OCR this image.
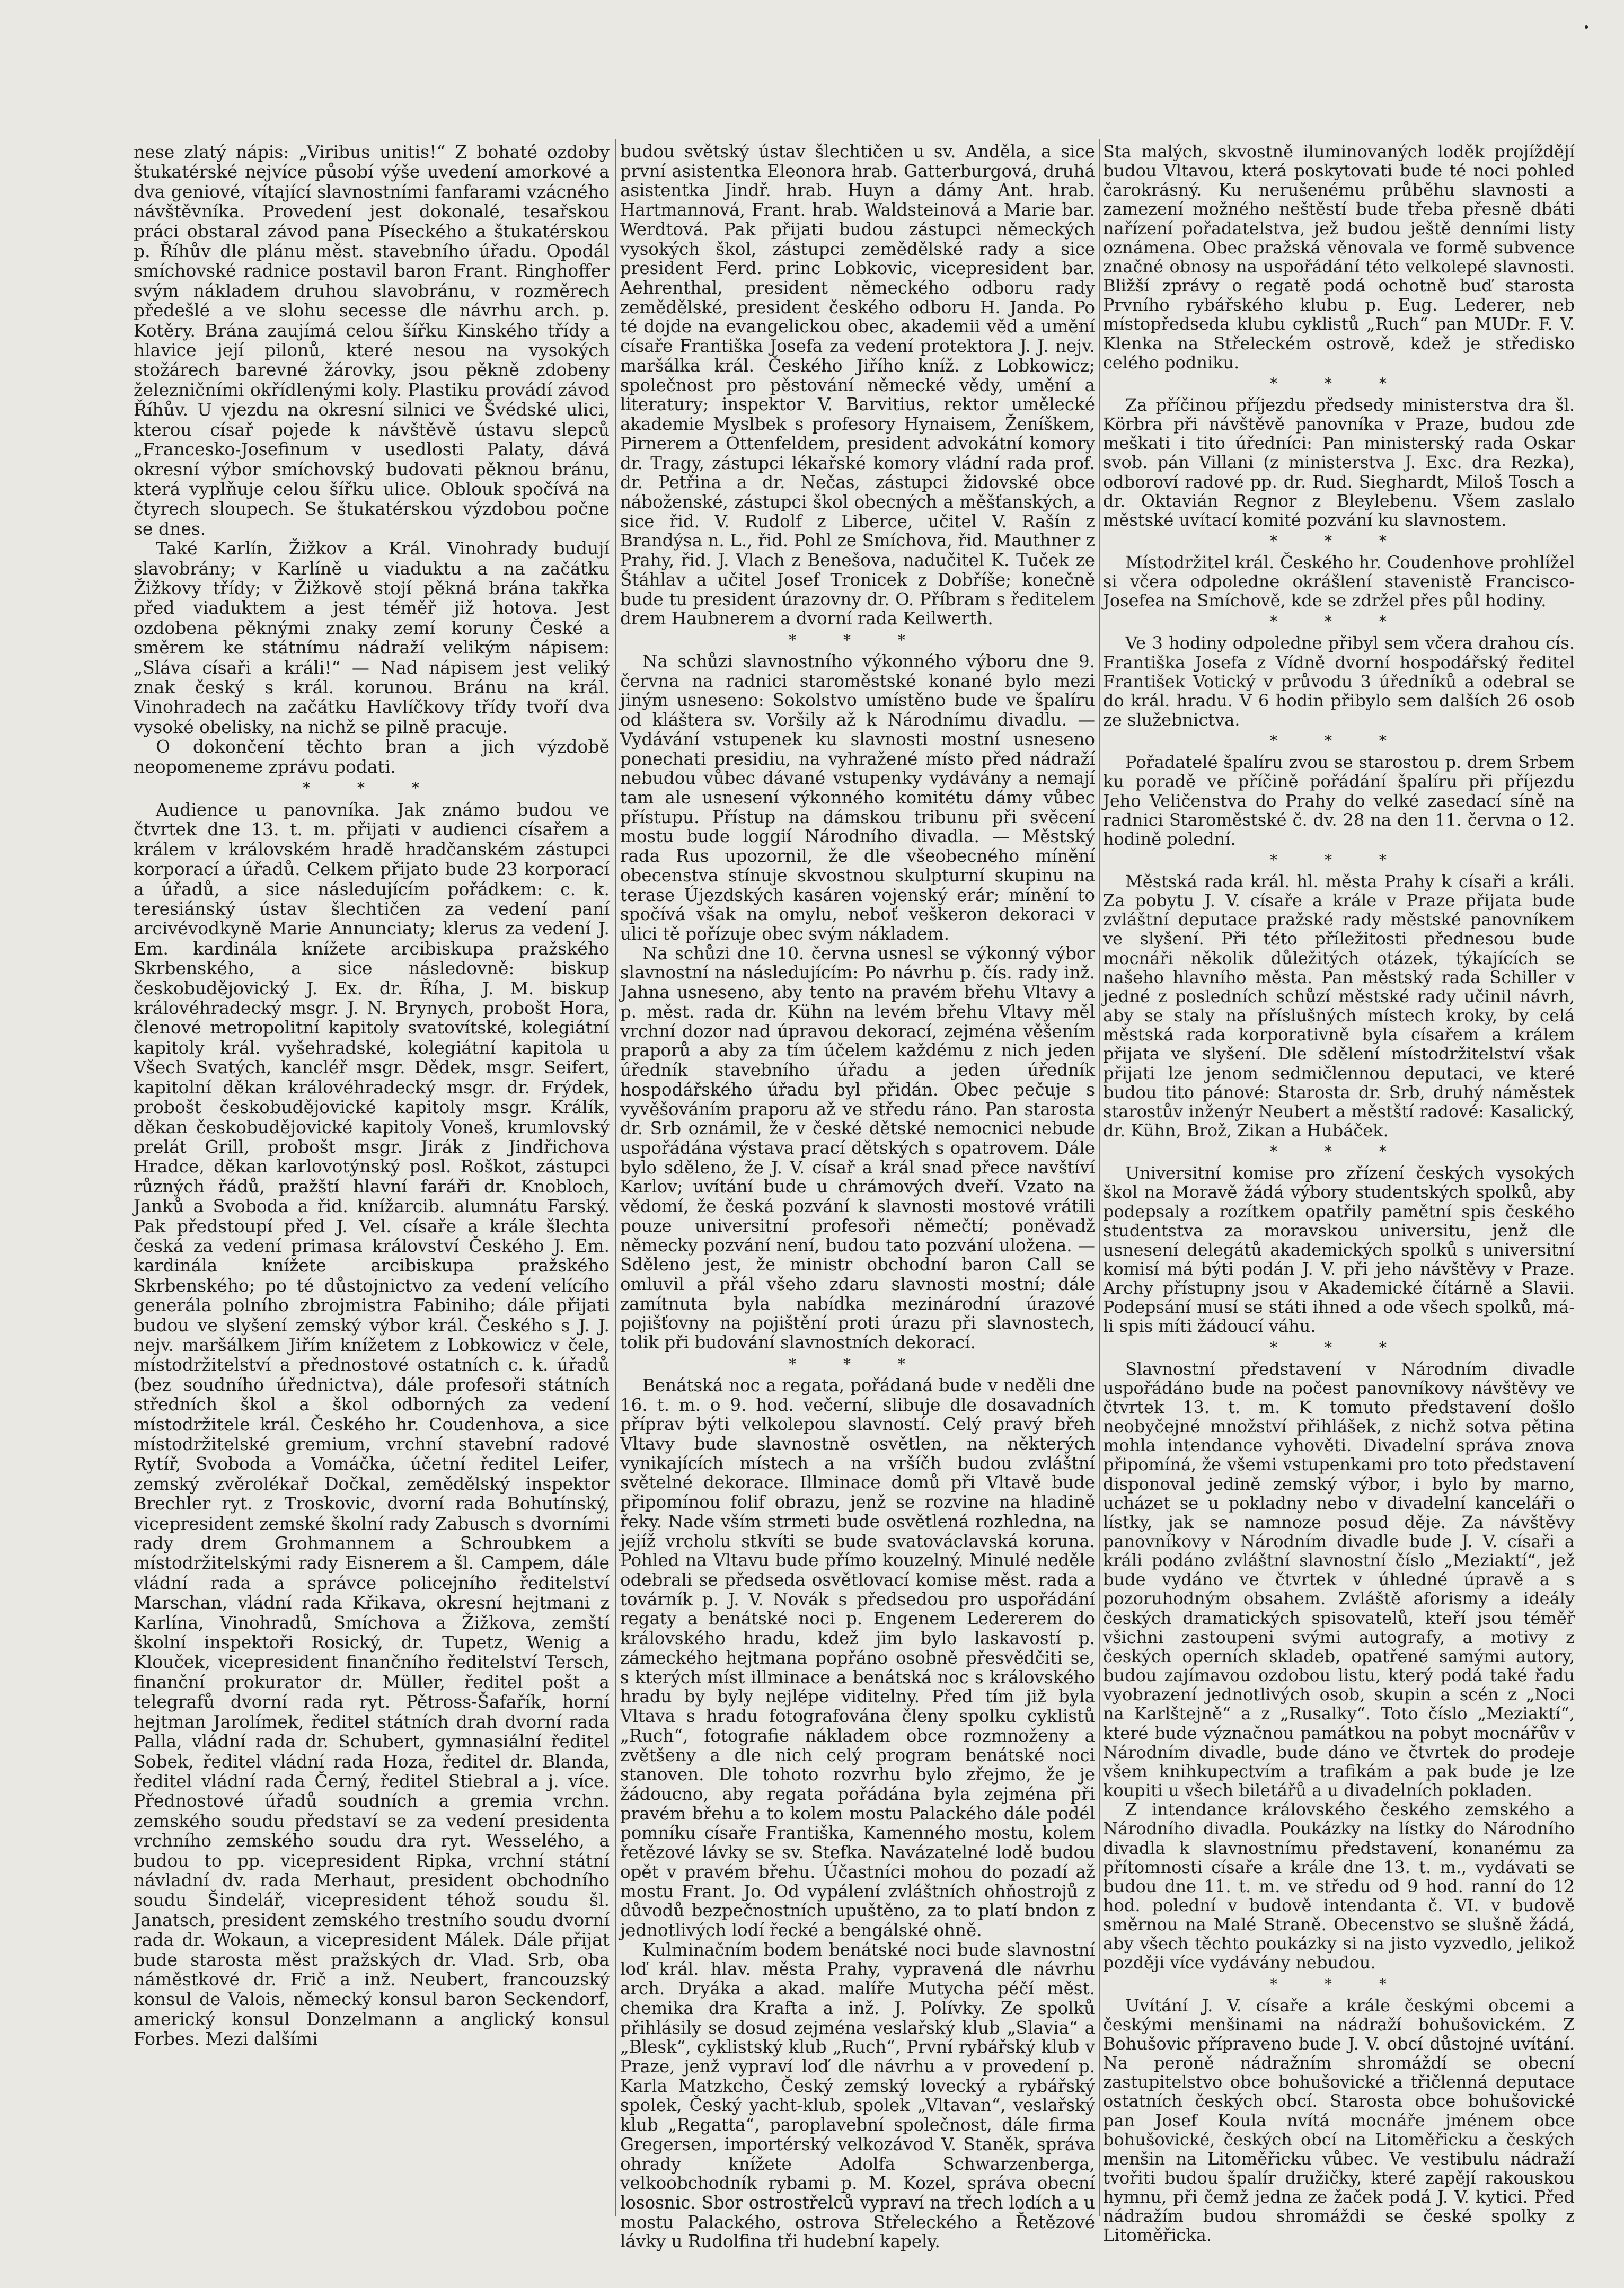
nese zlatý nápis: „Viribus unitis!“ Z bohaté ozdoby štukatérské nejvíce působí výše uvedení amorkové a dva geniové, vítající slavnostními fanfarami vzácného návštěvníka. Provedení jest dokonalé, tesařskou práci obstaral závod pana Píseckého a štukatérskou p. Říhův dle plánu měst. stavebního úřadu. Opodál smíchovské radnice postavil baron Frant. Ringhoffer svým nákladem druhou slavobránu, v rozměrech předešlé a ve slohu secesse dle návrhu arch. p. Kotěry. Brána zaujímá celou šířku Kinského třídy a hlavice její pilonů, které nesou na vysokých stožárech barevné žárovky, jsou pěkně zdobeny železničními okřídlenými koly. Plastiku provádí závod Říhův. U vjezdu na okresní silnici ve Švédské ulici, kterou císař pojede k návštěvě ústavu slepců „Francesko-Josefinum v usedlosti Palaty, dává okresní výbor smíchovský budovati pěknou bránu, která vyplňuje celou šířku ulice. Oblouk spočívá na čtyrech sloupech. Se štukatérskou výzdobou počne se dnes.

Také Karlín, Žižkov a Král. Vinohrady budují slavobrány; v Karlíně u viaduktu a na začátku Žižkovy třídy; v Žižkově stojí pěkná brána takřka před viaduktem a jest téměř již hotova. Jest ozdobena pěknými znaky zemí koruny České a směrem ke státnímu nádraží velikým nápisem: „Sláva císaři a králi!“ — Nad nápisem jest veliký znak český s král. korunou. Bránu na král. Vinohradech na začátku Havlíčkovy třídy tvoří dva vysoké obelisky, na nichž se pilně pracuje.

O dokončení těchto bran a jich výzdobě neopomeneme zprávu podati.

* * *

Audience u panovníka. Jak známo budou ve čtvrtek dne 13. t. m. přijati v audienci císařem a králem v královském hradě hradčanském zástupci korporací a úřadů. Celkem přijato bude 23 korporací a úřadů, a sice následujícím pořádkem: c. k. teresiánský ústav šlechtičen za vedení paní arcivévodkyně Marie Annunciaty; klerus za vedení J. Em. kardinála knížete arcibiskupa pražského Skrbenského, a sice následovně: biskup českobudějovický J. Ex. dr. Říha, J. M. biskup královéhradecký msgr. J. N. Brynych, probošt Hora, členové metropolitní kapitoly svatovítské, kolegiátní kapitoly král. vyšehradské, kolegiátní kapitola u Všech Svatých, kancléř msgr. Dědek, msgr. Seifert, kapitolní děkan královéhradecký msgr. dr. Frýdek, probošt českobudějovické kapitoly msgr. Králík, děkan českobudějovické kapitoly Voneš, krumlovský prelát Grill, probošt msgr. Jirák z Jindřichova Hradce, děkan karlovotýnský posl. Roškot, zástupci různých řádů, pražští hlavní faráři dr. Knobloch, Janků a Svoboda a řid. knížarcib. alumnátu Farský. Pak předstoupí před J. Vel. císaře a krále šlechta česká za vedení primasa království Českého J. Em. kardinála knížete arcibiskupa pražského Skrbenského; po té důstojnictvo za vedení velícího generála polního zbrojmistra Fabiniho; dále přijati budou ve slyšení zemský výbor král. Českého s J. J. nejv. maršálkem Jiřím knížetem z Lobkowicz v čele, místodržitelství a přednostové ostatních c. k. úřadů (bez soudního úřednictva), dále profesoři státních středních škol a škol odborných za vedení místodržitele král. Českého hr. Coudenhova, a sice místodržitelské gremium, vrchní stavební radové Rytíř, Svoboda a Vomáčka, účetní ředitel Leifer, zemský zvěrolékař Dočkal, zemědělský inspektor Brechler ryt. z Troskovic, dvorní rada Bohutínský, vicepresident zemské školní rady Zabusch s dvorními rady drem Grohmannem a Schroubkem a místodržitelskými rady Eisnerem a šl. Campem, dále vládní rada a správce policejního ředitelství Marschan, vládní rada Křikava, okresní hejtmani z Karlína, Vinohradů, Smíchova a Žižkova, zemští školní inspektoři Rosický, dr. Tupetz, Wenig a Klouček, vicepresident finančního ředitelství Tersch, finanční prokurator dr. Müller, ředitel pošt a telegrafů dvorní rada ryt. Pětross-Šafařík, horní hejtman Jarolímek, ředitel státních drah dvorní rada Palla, vládní rada dr. Schubert, gymnasiální ředitel Sobek, ředitel vládní rada Hoza, ředitel dr. Blanda, ředitel vládní rada Černý, ředitel Stiebral a j. více. Přednostové úřadů soudních a gremia vrchn. zemského soudu představí se za vedení presidenta vrchního zemského soudu dra ryt. Wesselého, a budou to pp. vicepresident Ripka, vrchní státní návladní dv. rada Merhaut, president obchodního soudu Šindelář, vicepresident téhož soudu šl. Janatsch, president zemského trestního soudu dvorní rada dr. Wokaun, a vicepresident Málek. Dále přijat bude starosta měst pražských dr. Vlad. Srb, oba náměstkové dr. Frič a inž. Neubert, francouzský konsul de Valois, německý konsul baron Seckendorf, americký konsul Donzelmann a anglický konsul Forbes. Mezi dalšími

budou světský ústav šlechtičen u sv. Anděla, a sice první asistentka Eleonora hrab. Gatterburgová, druhá asistentka Jindř. hrab. Huyn a dámy Ant. hrab. Hartmannová, Frant. hrab. Waldsteinová a Marie bar. Werdtová. Pak přijati budou zástupci německých vysokých škol, zástupci zemědělské rady a sice president Ferd. princ Lobkovic, vicepresident bar. Aehrenthal, president německého odboru rady zemědělské, president českého odboru H. Janda. Po té dojde na evangelickou obec, akademii věd a umění císaře Františka Josefa za vedení protektora J. J. nejv. maršálka král. Českého Jiřího kníž. z Lobkowicz; společnost pro pěstování německé vědy, umění a literatury; inspektor V. Barvitius, rektor umělecké akademie Myslbek s profesory Hynaisem, Ženíškem, Pirnerem a Ottenfeldem, president advokátní komory dr. Tragy, zástupci lékařské komory vládní rada prof. dr. Petřina a dr. Nečas, zástupci židovské obce náboženské, zástupci škol obecných a měšťanských, a sice řid. V. Rudolf z Liberce, učitel V. Rašín z Brandýsa n. L., řid. Pohl ze Smíchova, řid. Mauthner z Prahy, řid. J. Vlach z Benešova, nadučitel K. Tuček ze Štáhlav a učitel Josef Tronicek z Dobříše; konečně bude tu president úrazovny dr. O. Příbram s ředitelem drem Haubnerem a dvorní rada Keilwerth.

* * *

Na schůzi slavnostního výkonného výboru dne 9. června na radnici staroměstské konané bylo mezi jiným usneseno: Sokolstvo umístěno bude ve špalíru od kláštera sv. Voršily až k Národnímu divadlu. — Vydávání vstupenek ku slavnosti mostní usneseno ponechati presidiu, na vyhražené místo před nádraží nebudou vůbec dávané vstupenky vydávány a nemají tam ale usnesení výkonného komitétu dámy vůbec přístupu. Přístup na dámskou tribunu při svěcení mostu bude loggií Národního divadla. — Městský rada Rus upozornil, že dle všeobecného mínění obecenstva stínuje skvostnou skulpturní skupinu na terase Újezdských kasáren vojenský erár; mínění to spočívá však na omylu, neboť veškeron dekoraci v ulici tě pořízuje obec svým nákladem.

Na schůzi dne 10. června usnesl se výkonný výbor slavnostní na následujícím: Po návrhu p. čís. rady inž. Jahna usneseno, aby tento na pravém břehu Vltavy a p. měst. rada dr. Kühn na levém břehu Vltavy měl vrchní dozor nad úpravou dekorací, zejména věšením praporů a aby za tím účelem každému z nich jeden úředník stavebního úřadu a jeden úředník hospodářského úřadu byl přidán. Obec pečuje s vyvěšováním praporu až ve středu ráno. Pan starosta dr. Srb oznámil, že v české dětské nemocnici nebude uspořádána výstava prací dětských s opatrovem. Dále bylo sděleno, že J. V. císař a král snad přece navštíví Karlov; uvítání bude u chrámových dveří. Vzato na vědomí, že česká pozvání k slavnosti mostové vrátili pouze universitní profesoři němečtí; poněvadž německy pozvání není, budou tato pozvání uložena. — Sděleno jest, že ministr obchodní baron Call se omluvil a přál všeho zdaru slavnosti mostní; dále zamítnuta byla nabídka mezinárodní úrazové pojišťovny na pojištění proti úrazu při slavnostech, tolik při budování slavnostních dekorací.

* * *

Benátská noc a regata, pořádaná bude v neděli dne 16. t. m. o 9. hod. večerní, slibuje dle dosavadních příprav býti velkolepou slavností. Celý pravý břeh Vltavy bude slavnostně osvětlen, na některých vynikajících místech a na vršíčh budou zvláštní světelné dekorace. Illminace domů při Vltavě bude připomínou folif obrazu, jenž se rozvine na hladině řeky. Nade vším strmeti bude osvětlená rozhledna, na jejíž vrcholu stkvíti se bude svatováclavská koruna. Pohled na Vltavu bude přímo kouzelný. Minulé neděle odebrali se předseda osvětlovací komise měst. rada a továrník p. J. V. Novák s předsedou pro uspořádání regaty a benátské noci p. Engenem Ledererem do královského hradu, kdež jim bylo laskavostí p. zámeckého hejtmana popřáno osobně přesvědčiti se, s kterých míst illminace a benátská noc s královského hradu by byly nejlépe viditelny. Před tím již byla Vltava s hradu fotografována členy spolku cyklistů „Ruch“, fotografie nákladem obce rozmnoženy a zvětšeny a dle nich celý program benátské noci stanoven. Dle tohoto rozvrhu bylo zřejmo, že je žádoucno, aby regata pořádána byla zejména při pravém břehu a to kolem mostu Palackého dále podél pomníku císaře Františka, Kamenného mostu, kolem řetězové lávky se sv. Stefka. Navázatelné lodě budou opět v pravém břehu. Účastníci mohou do pozadí až mostu Frant. Jo. Od vypálení zvláštních ohňostrojů z důvodů bezpečnostních upuštěno, za to platí bndon z jednotlivých lodí řecké a bengálské ohně.

Kulminačním bodem benátské noci bude slavnostní loď král. hlav. města Prahy, vypravená dle návrhu arch. Dryáka a akad. malíře Mutycha péčí měst. chemika dra Krafta a inž. J. Polívky. Ze spolků přihlásily se dosud zejména veslařský klub „Slavia“ a „Blesk“, cyklistský klub „Ruch“, První rybářský klub v Praze, jenž vypraví loď dle návrhu a v provedení p. Karla Matzkcho, Český zemský lovecký a rybářský spolek, Český yacht-klub, spolek „Vltavan“, veslařský klub „Regatta“, paroplavební společnost, dále firma Gregersen, importérský velkozávod V. Staněk, správa ohrady knížete Adolfa Schwarzenberga, velkoobchodník rybami p. M. Kozel, správa obecní lososnic. Sbor ostrostřelců vypraví na třech lodích a u mostu Palackého, ostrova Střeleckého a Řetězové lávky u Rudolfina tři hudební kapely.

Sta malých, skvostně iluminovaných loděk projíždějí budou Vltavou, která poskytovati bude té noci pohled čarokrásný. Ku nerušenému průběhu slavnosti a zamezení možného neštěstí bude třeba přesně dbáti nařízení pořadatelstva, jež budou ještě denními listy oznámena. Obec pražská věnovala ve formě subvence značné obnosy na uspořádání této velkolepé slavnosti. Bližší zprávy o regatě podá ochotně buď starosta Prvního rybářského klubu p. Eug. Lederer, neb místopředseda klubu cyklistů „Ruch“ pan MUDr. F. V. Klenka na Střeleckém ostrově, kdež je středisko celého podniku.

* * *

Za příčinou příjezdu předsedy ministerstva dra šl. Körbra při návštěvě panovníka v Praze, budou zde meškati i tito úředníci: Pan ministerský rada Oskar svob. pán Villani (z ministerstva J. Exc. dra Rezka), odboroví radové pp. dr. Rud. Sieghardt, Miloš Tosch a dr. Oktavián Regnor z Bleylebenu. Všem zaslalo městské uvítací komité pozvání ku slavnostem.

* * *

Místodržitel král. Českého hr. Coudenhove prohlížel si včera odpoledne okrášlení stavenistě Francisco-Josefea na Smíchově, kde se zdržel přes půl hodiny.

* * *

Ve 3 hodiny odpoledne přibyl sem včera drahou cís. Františka Josefa z Vídně dvorní hospodářský ředitel František Votický v průvodu 3 úředníků a odebral se do král. hradu. V 6 hodin přibylo sem dalších 26 osob ze služebnictva.

* * *

Pořadatelé špalíru zvou se starostou p. drem Srbem ku poradě ve příčině pořádání špalíru při příjezdu Jeho Veličenstva do Prahy do velké zasedací síně na radnici Staroměstské č. dv. 28 na den 11. června o 12. hodině polední.

* * *

Městská rada král. hl. města Prahy k císaři a králi. Za pobytu J. V. císaře a krále v Praze přijata bude zvláštní deputace pražské rady městské panovníkem ve slyšení. Při této příležitosti přednesou bude mocnáři několik důležitých otázek, týkajících se našeho hlavního města. Pan městský rada Schiller v jedné z posledních schůzí městské rady učinil návrh, aby se staly na příslušných místech kroky, by celá městská rada korporativně byla císařem a králem přijata ve slyšení. Dle sdělení místodržitelství však přijati lze jenom sedmičlennou deputaci, ve které budou tito pánové: Starosta dr. Srb, druhý náměstek starostův inženýr Neubert a městští radové: Kasalický, dr. Kühn, Brož, Zikan a Hubáček.

* * *

Universitní komise pro zřízení českých vysokých škol na Moravě žádá výbory studentských spolků, aby podepsaly a rozítkem opatřily pamětní spis českého studentstva za moravskou universitu, jenž dle usnesení delegátů akademických spolků s universitní komisí má býti podán J. V. při jeho návštěvy v Praze. Archy přístupny jsou v Akademické čítárně a Slavii. Podepsání musí se státi ihned a ode všech spolků, má-li spis míti žádoucí váhu.

* * *

Slavnostní představení v Národním divadle uspořádáno bude na počest panovníkovy návštěvy ve čtvrtek 13. t. m. K tomuto představení došlo neobyčejné množství přihlášek, z nichž sotva pětina mohla intendance vyhověti. Divadelní správa znova připomíná, že všemi vstupenkami pro toto představení disponoval jedině zemský výbor, i bylo by marno, ucházet se u pokladny nebo v divadelní kanceláři o lístky, jak se namnoze posud děje. Za návštěvy panovníkovy v Národním divadle bude J. V. císaři a králi podáno zvláštní slavnostní číslo „Meziaktí“, jež bude vydáno ve čtvrtek v úhledné úpravě a s pozoruhodným obsahem. Zvláště aforismy a ideály českých dramatických spisovatelů, kteří jsou téměř všichni zastoupeni svými autografy, a motivy z českých operních skladeb, opatřené samými autory, budou zajímavou ozdobou listu, který podá také řadu vyobrazení jednotlivých osob, skupin a scén z „Noci na Karlštejně“ a z „Rusalky“. Toto číslo „Meziaktí“, které bude význačnou památkou na pobyt mocnářův v Národním divadle, bude dáno ve čtvrtek do prodeje všem knihkupectvím a trafikám a pak bude je lze koupiti u všech biletářů a u divadelních pokladen.

Z intendance královského českého zemského a Národního divadla. Poukázky na lístky do Národního divadla k slavnostnímu představení, konanému za přítomnosti císaře a krále dne 13. t. m., vydávati se budou dne 11. t. m. ve středu od 9 hod. ranní do 12 hod. polední v budově intendanta č. VI. v budově směrnou na Malé Straně. Obecenstvo se slušně žádá, aby všech těchto poukázky si na jisto vyzvedlo, jelikož později více vydávány nebudou.

* * *

Uvítání J. V. císaře a krále českými obcemi a českými menšinami na nádraží bohušovickém. Z Bohušovic přípraveno bude J. V. obcí důstojné uvítání. Na peroně nádražním shromáždí se obecní zastupitelstvo obce bohušovické a třičlenná deputace ostatních českých obcí. Starosta obce bohušovické pan Josef Koula nvítá mocnáře jménem obce bohušovické, českých obcí na Litoměřicku a českých menšin na Litoměřicku vůbec. Ve vestibulu nádraží tvořiti budou špalír družičky, které zapějí rakouskou hymnu, při čemž jedna ze žaček podá J. V. kytici. Před nádražím budou shromáždi se české spolky z Litoměřicka.
